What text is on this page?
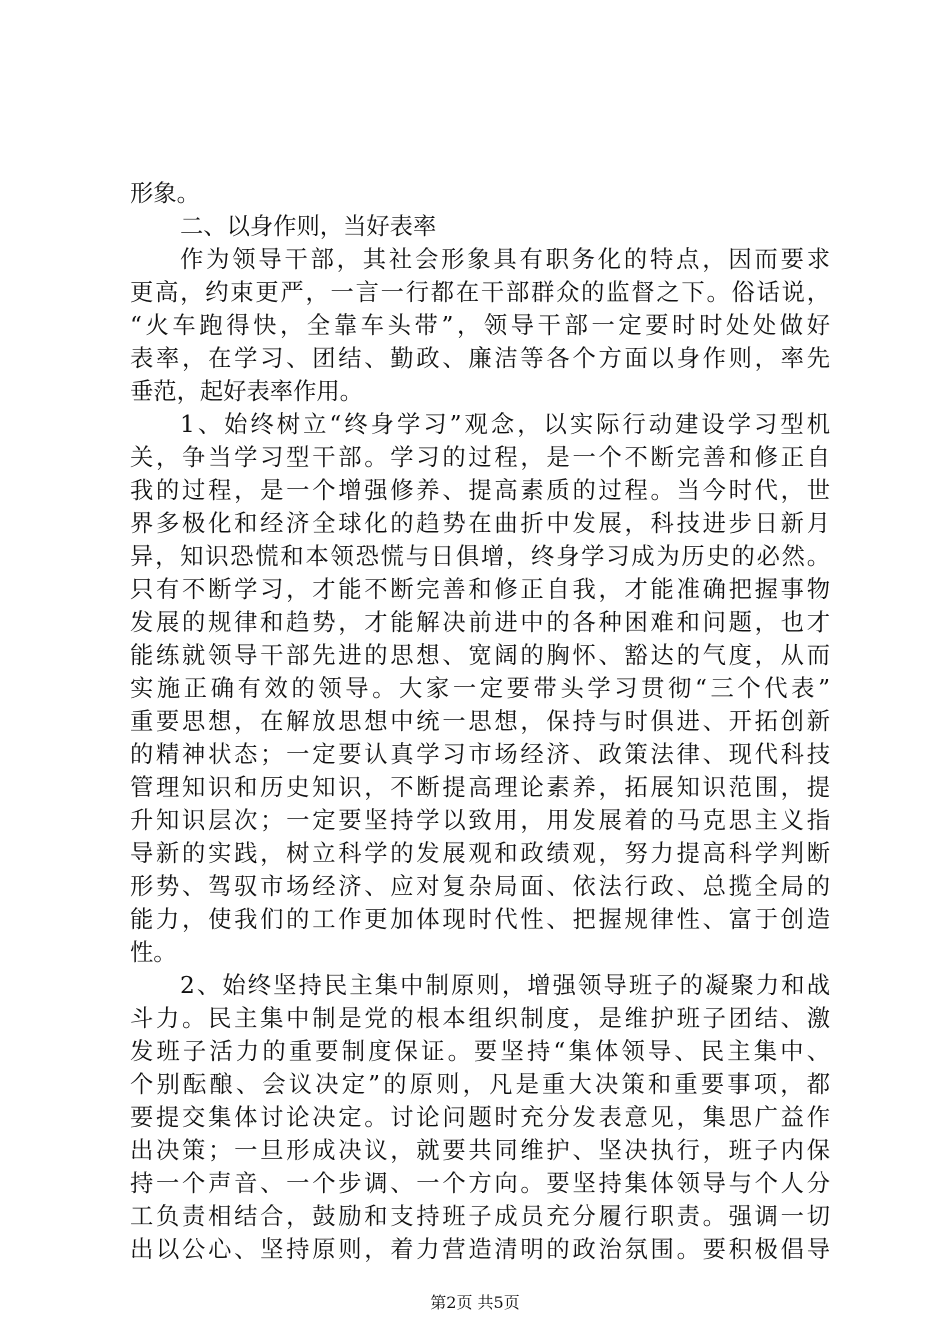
形象。
二、以身作则，当好表率
作为领导干部，其社会形象具有职务化的特点，因而要求
更高，约束更严，一言一行都在干部群众的监督之下。俗话说，
“火车跑得快，全靠车头带”，领导干部一定要时时处处做好
表率，在学习、团结、勤政、廉洁等各个方面以身作则，率先
垂范，起好表率作用。
1、始终树立“终身学习”观念，以实际行动建设学习型机
关，争当学习型干部。学习的过程，是一个不断完善和修正自
我的过程，是一个增强修养、提高素质的过程。当今时代，世
界多极化和经济全球化的趋势在曲折中发展，科技进步日新月
异，知识恐慌和本领恐慌与日俱增，终身学习成为历史的必然。
只有不断学习，才能不断完善和修正自我，才能准确把握事物
发展的规律和趋势，才能解决前进中的各种困难和问题，也才
能练就领导干部先进的思想、宽阔的胸怀、豁达的气度，从而
实施正确有效的领导。大家一定要带头学习贯彻“三个代表”
重要思想，在解放思想中统一思想，保持与时俱进、开拓创新
的精神状态；一定要认真学习市场经济、政策法律、现代科技
管理知识和历史知识，不断提高理论素养，拓展知识范围，提
升知识层次；一定要坚持学以致用，用发展着的马克思主义指
导新的实践，树立科学的发展观和政绩观，努力提高科学判断
形势、驾驭市场经济、应对复杂局面、依法行政、总揽全局的
能力，使我们的工作更加体现时代性、把握规律性、富于创造
性。
2、始终坚持民主集中制原则，增强领导班子的凝聚力和战
斗力。民主集中制是党的根本组织制度，是维护班子团结、激
发班子活力的重要制度保证。要坚持“集体领导、民主集中、
个别酝酿、会议决定”的原则，凡是重大决策和重要事项，都
要提交集体讨论决定。讨论问题时充分发表意见，集思广益作
出决策；一旦形成决议，就要共同维护、坚决执行，班子内保
持一个声音、一个步调、一个方向。要坚持集体领导与个人分
工负责相结合，鼓励和支持班子成员充分履行职责。强调一切
出以公心、坚持原则，着力营造清明的政治氛围。要积极倡导
第2页 共5页
